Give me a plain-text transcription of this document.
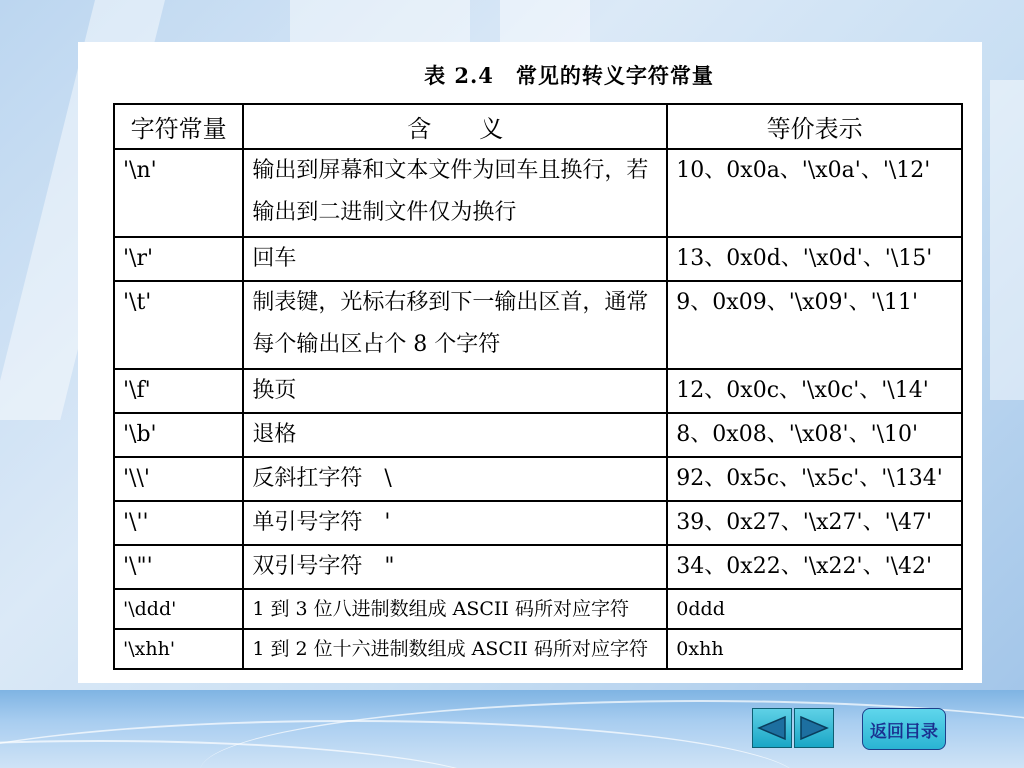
表 2.4　常见的转义字符常量
字符常量	含　　义	等价表示
'\n'	输出到屏幕和文本文件为回车且换行，若输出到二进制文件仅为换行	10、0x0a、'\x0a'、'\12'
'\r'	回车	13、0x0d、'\x0d'、'\15'
'\t'	制表键，光标右移到下一输出区首，通常每个输出区占个 8 个字符	9、0x09、'\x09'、'\11'
'\f'	换页	12、0x0c、'\x0c'、'\14'
'\b'	退格	8、0x08、'\x08'、'\10'
'\\'	反斜扛字符　\	92、0x5c、'\x5c'、'\134'
'\''	单引号字符　'	39、0x27、'\x27'、'\47'
'\"'	双引号字符　"	34、0x22、'\x22'、'\42'
'\ddd'	1 到 3 位八进制数组成 ASCII 码所对应字符	0ddd
'\xhh'	1 到 2 位十六进制数组成 ASCII 码所对应字符	0xhh
返回目录
